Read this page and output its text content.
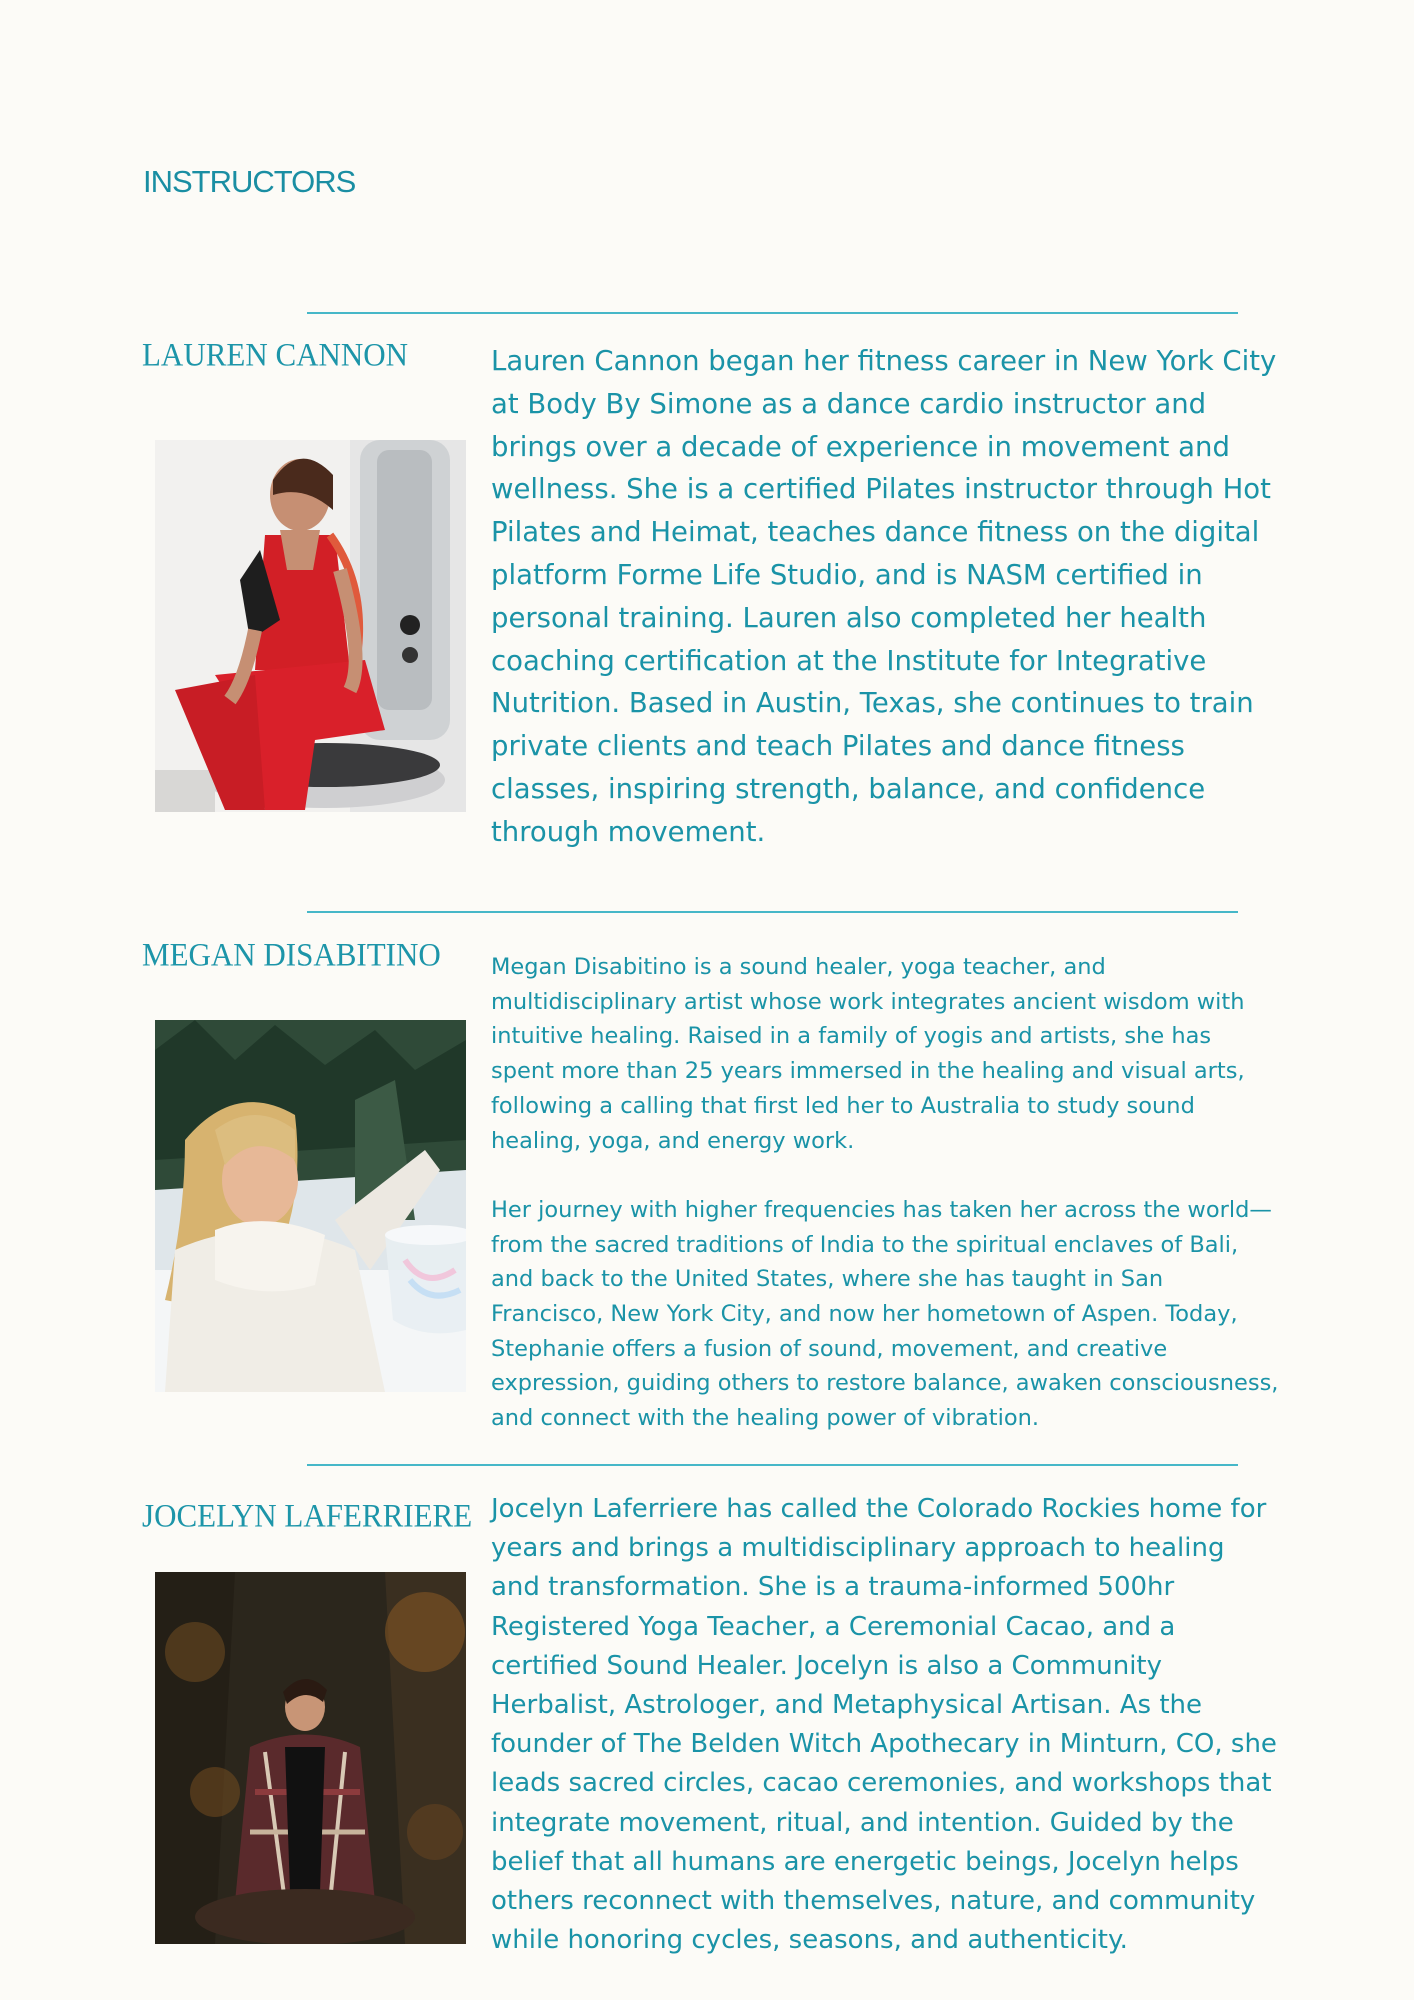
INSTRUCTORS
LAUREN CANNON	Lauren Cannon began her fitness career in New York City at Body By Simone as a dance cardio instructor and brings over a decade of experience in movement and wellness. She is a certified Pilates instructor through Hot Pilates and Heimat, teaches dance fitness on the digital platform Forme Life Studio, and is NASM certified in personal training. Lauren also completed her health coaching certification at the Institute for Integrative Nutrition. Based in Austin, Texas, she continues to train private clients and teach Pilates and dance fitness classes, inspiring strength, balance, and confidence through movement.

MEGAN DISABITINO Megan Disabitino is a sound healer, yoga teacher, and multidisciplinary artist whose work integrates ancient wisdom with intuitive healing. Raised in a family of yogis and artists, she has spent more than 25 years immersed in the healing and visual arts, following a calling that first led her to Australia to study sound healing, yoga, and energy work.

Her journey with higher frequencies has taken her across the world—from the sacred traditions of India to the spiritual enclaves of Bali, and back to the United States, where she has taught in San Francisco, New York City, and now her hometown of Aspen. Today, Stephanie offers a fusion of sound, movement, and creative expression, guiding others to restore balance, awaken consciousness, and connect with the healing power of vibration.

JOCELYN LAFERRIERE Jocelyn Laferriere has called the Colorado Rockies home for years and brings a multidisciplinary approach to healing and transformation. She is a trauma-informed 500hr Registered Yoga Teacher, a Ceremonial Cacao, and a certified Sound Healer. Jocelyn is also a Community Herbalist, Astrologer, and Metaphysical Artisan. As the founder of The Belden Witch Apothecary in Minturn, CO, she leads sacred circles, cacao ceremonies, and workshops that integrate movement, ritual, and intention. Guided by the belief that all humans are energetic beings, Jocelyn helps others reconnect with themselves, nature, and community while honoring cycles, seasons, and authenticity.
